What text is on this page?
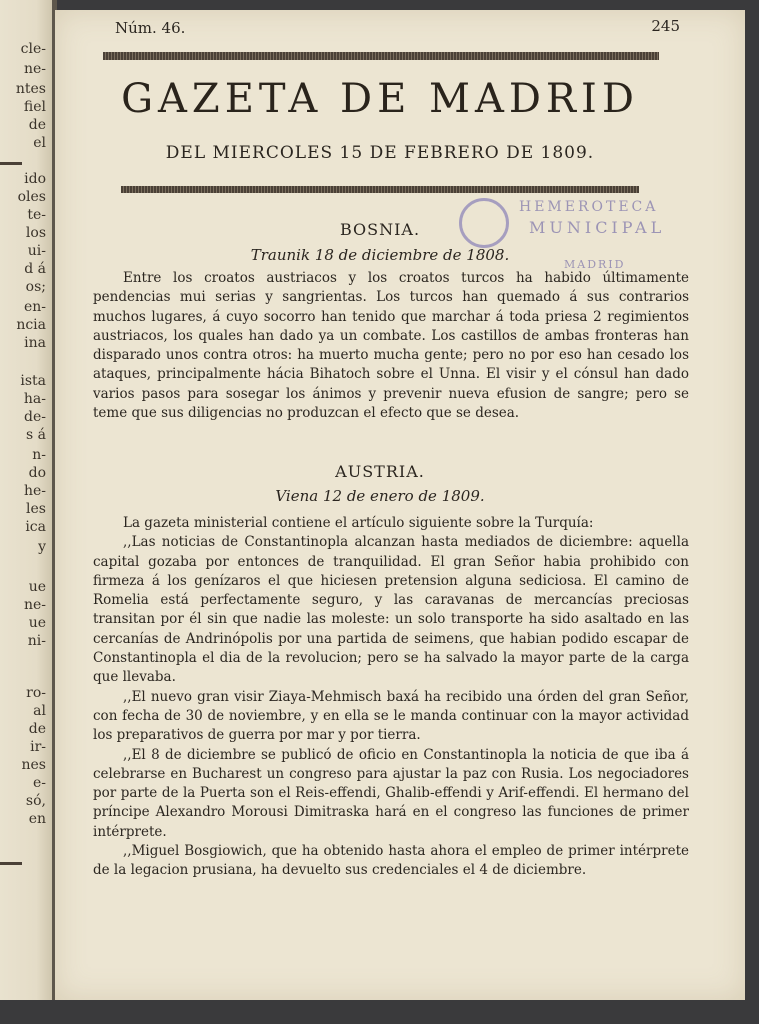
cle-
ne-
ntes
fiel
de
el
ido
oles
te-
los
ui-
d á
os;
en-
ncia
ina
ista
ha-
de-
s á
n-
do
he-
les
ica
y
ue
ne-
ue
ni-
ro-
al
de
ir-
nes
e-
só,
en
Núm. 46.	245
GAZETA DE MADRID
DEL MIERCOLES 15 DE FEBRERO DE 1809.
HEMEROTECA
MUNICIPAL
MADRID
BOSNIA.
Traunik 18 de diciembre de 1808.

Entre los croatos austriacos y los croatos turcos ha habido últimamente pendencias mui serias y sangrientas. Los turcos han quemado á sus contrarios muchos lugares, á cuyo socorro han tenido que marchar á toda priesa 2 regimientos austriacos, los quales han dado ya un combate. Los castillos de ambas fronteras han disparado unos contra otros: ha muerto mucha gente; pero no por eso han cesado los ataques, principalmente hácia Bihatoch sobre el Unna. El visir y el cónsul han dado varios pasos para sosegar los ánimos y prevenir nueva efusion de sangre; pero se teme que sus diligencias no produzcan el efecto que se desea.

AUSTRIA.
Viena 12 de enero de 1809.

La gazeta ministerial contiene el artículo siguiente sobre la Turquía:

,,Las noticias de Constantinopla alcanzan hasta mediados de diciembre: aquella capital gozaba por entonces de tranquilidad. El gran Señor habia prohibido con firmeza á los genízaros el que hiciesen pretension alguna sediciosa. El camino de Romelia está perfectamente seguro, y las caravanas de mercancías preciosas transitan por él sin que nadie las moleste: un solo transporte ha sido asaltado en las cercanías de Andrinópolis por una partida de seimens, que habian podido escapar de Constantinopla el dia de la revolucion; pero se ha salvado la mayor parte de la carga que llevaba.

,,El nuevo gran visir Ziaya-Mehmisch baxá ha recibido una órden del gran Señor, con fecha de 30 de noviembre, y en ella se le manda continuar con la mayor actividad los preparativos de guerra por mar y por tierra.

,,El 8 de diciembre se publicó de oficio en Constantinopla la noticia de que iba á celebrarse en Bucharest un congreso para ajustar la paz con Rusia. Los negociadores por parte de la Puerta son el Reis-effendi, Ghalib-effendi y Arif-effendi. El hermano del príncipe Alexandro Morousi Dimitraska hará en el congreso las funciones de primer intérprete.

,,Miguel Bosgiowich, que ha obtenido hasta ahora el empleo de primer intérprete de la legacion prusiana, ha devuelto sus credenciales el 4 de diciembre.
